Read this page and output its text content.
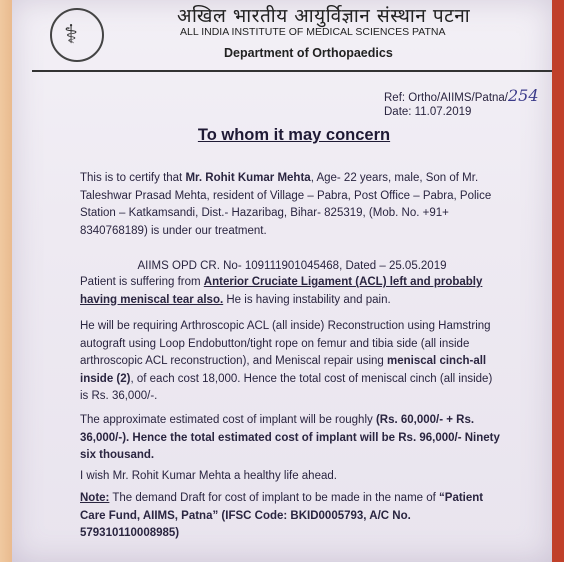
⚕
अखिल भारतीय आयुर्विज्ञान संस्थान पटना
ALL INDIA INSTITUTE OF MEDICAL SCIENCES PATNA
Department of Orthopaedics
Ref: Ortho/AIIMS/Patna/254
Date: 11.07.2019
To whom it may concern

This is to certify that Mr. Rohit Kumar Mehta, Age- 22 years, male, Son of Mr. Taleshwar Prasad Mehta, resident of Village – Pabra, Post Office – Pabra, Police Station – Katkamsandi, Dist.- Hazaribag, Bihar- 825319, (Mob. No. +91+ 8340768189) is under our treatment.

AIIMS OPD CR. No- 109111901045468, Dated – 25.05.2019

Patient is suffering from Anterior Cruciate Ligament (ACL) left and probably having meniscal tear also. He is having instability and pain.

He will be requiring Arthroscopic ACL (all inside) Reconstruction using Hamstring autograft using Loop Endobutton/tight rope on femur and tibia side (all inside arthroscopic ACL reconstruction), and Meniscal repair using meniscal cinch-all inside (2), of each cost 18,000. Hence the total cost of meniscal cinch (all inside) is Rs. 36,000/-.

The approximate estimated cost of implant will be roughly (Rs. 60,000/- + Rs. 36,000/-). Hence the total estimated cost of implant will be Rs. 96,000/- Ninety six thousand.

I wish Mr. Rohit Kumar Mehta a healthy life ahead.

Note: The demand Draft for cost of implant to be made in the name of “Patient Care Fund, AIIMS, Patna” (IFSC Code: BKID0005793, A/C No. 579310110008985)
